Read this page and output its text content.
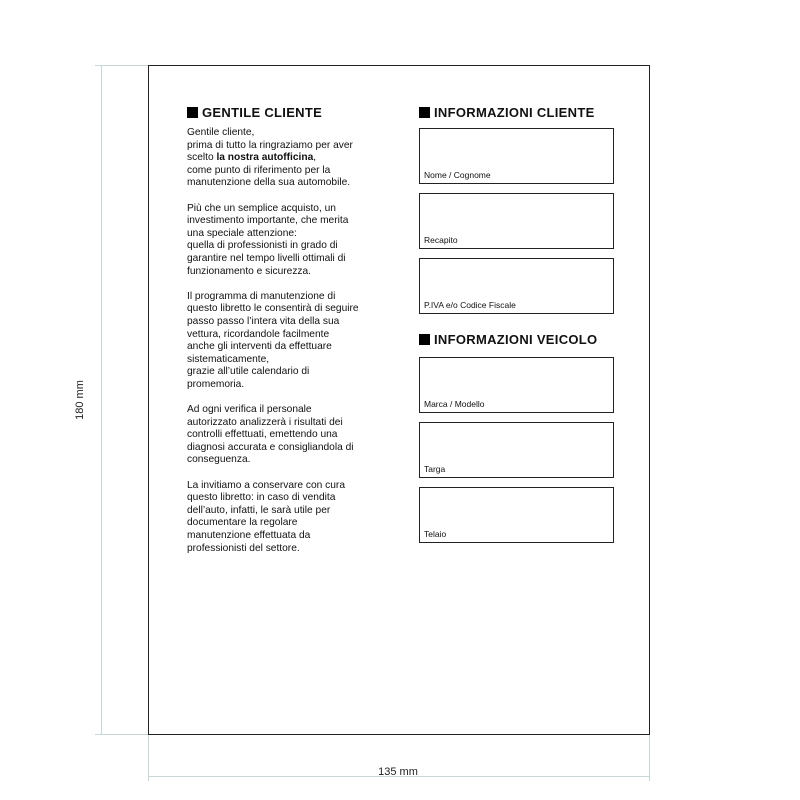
180 mm
135 mm
GENTILE CLIENTE

Gentile cliente,
prima di tutto la ringraziamo per aver
scelto la nostra autofficina,
come punto di riferimento per la
manutenzione della sua automobile.

Più che un semplice acquisto, un
investimento importante, che merita
una speciale attenzione:
quella di professionisti in grado di
garantire nel tempo livelli ottimali di
funzionamento e sicurezza.

Il programma di manutenzione di
questo libretto le consentirà di seguire
passo passo l’intera vita della sua
vettura, ricordandole facilmente
anche gli interventi da effettuare
sistematicamente,
grazie all’utile calendario di
promemoria.

Ad ogni verifica il personale
autorizzato analizzerà i risultati dei
controlli effettuati, emettendo una
diagnosi accurata e consigliandola di
conseguenza.

La invitiamo a conservare con cura
questo libretto: in caso di vendita
dell’auto, infatti, le sarà utile per
documentare la regolare
manutenzione effettuata da
professionisti del settore.

INFORMAZIONI CLIENTE
Nome / Cognome
Recapito
P.IVA e/o Codice Fiscale
INFORMAZIONI VEICOLO
Marca / Modello
Targa
Telaio
